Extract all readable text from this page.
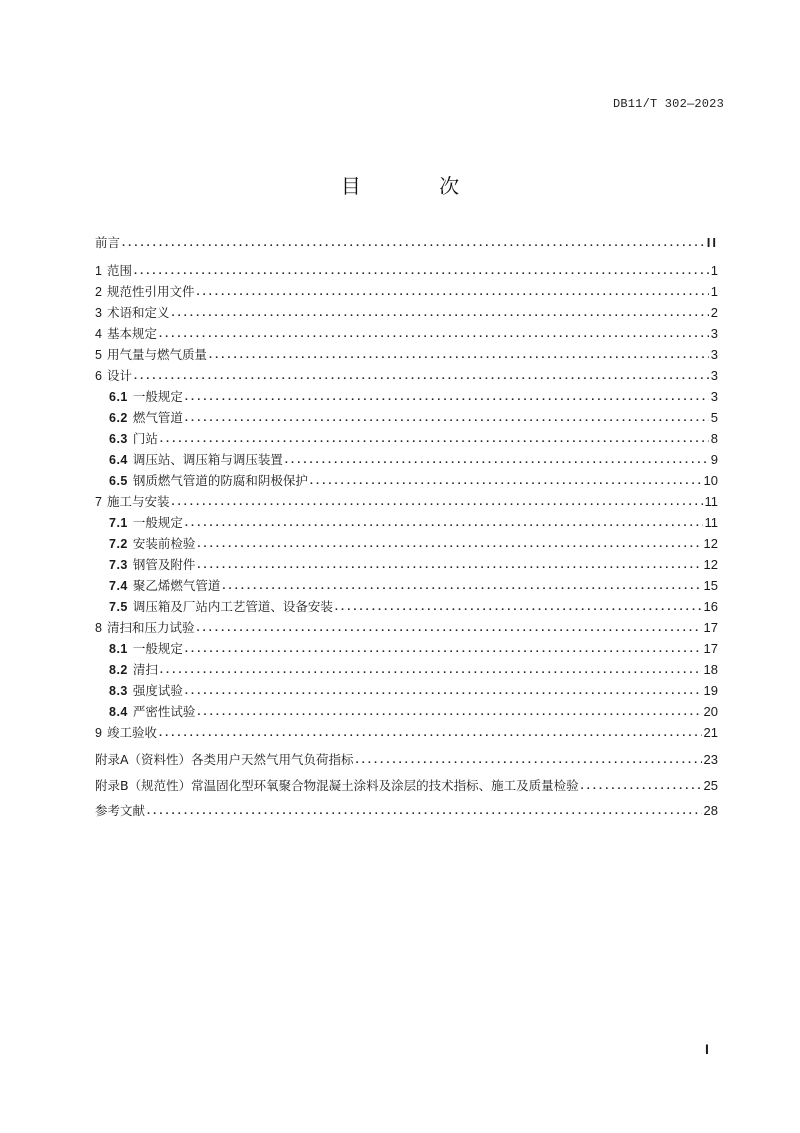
DB11/T 302—2023
目 次
前言 .....	II
1 范围 .....	1
2 规范性引用文件 .....	1
3 术语和定义 .....	2
4 基本规定 .....	3
5 用气量与燃气质量 .....	3
6 设计 .....	3
6.1 一般规定 .....	3
6.2 燃气管道 .....	5
6.3 门站 .....	8
6.4 调压站、调压箱与调压装置 .....	9
6.5 钢质燃气管道的防腐和阴极保护 .....	10
7 施工与安装 .....	11
7.1 一般规定 .....	11
7.2 安装前检验 .....	12
7.3 钢管及附件 .....	12
7.4 聚乙烯燃气管道 .....	15
7.5 调压箱及厂站内工艺管道、设备安装 .....	16
8 清扫和压力试验 .....	17
8.1 一般规定 .....	17
8.2 清扫 .....	18
8.3 强度试验 .....	19
8.4 严密性试验 .....	20
9 竣工验收 .....	21
附录A（资料性）各类用户天然气用气负荷指标 .....	23
附录B（规范性）常温固化型环氧聚合物混凝土涂料及涂层的技术指标、施工及质量检验 .....	25
参考文献 .....	28
I
